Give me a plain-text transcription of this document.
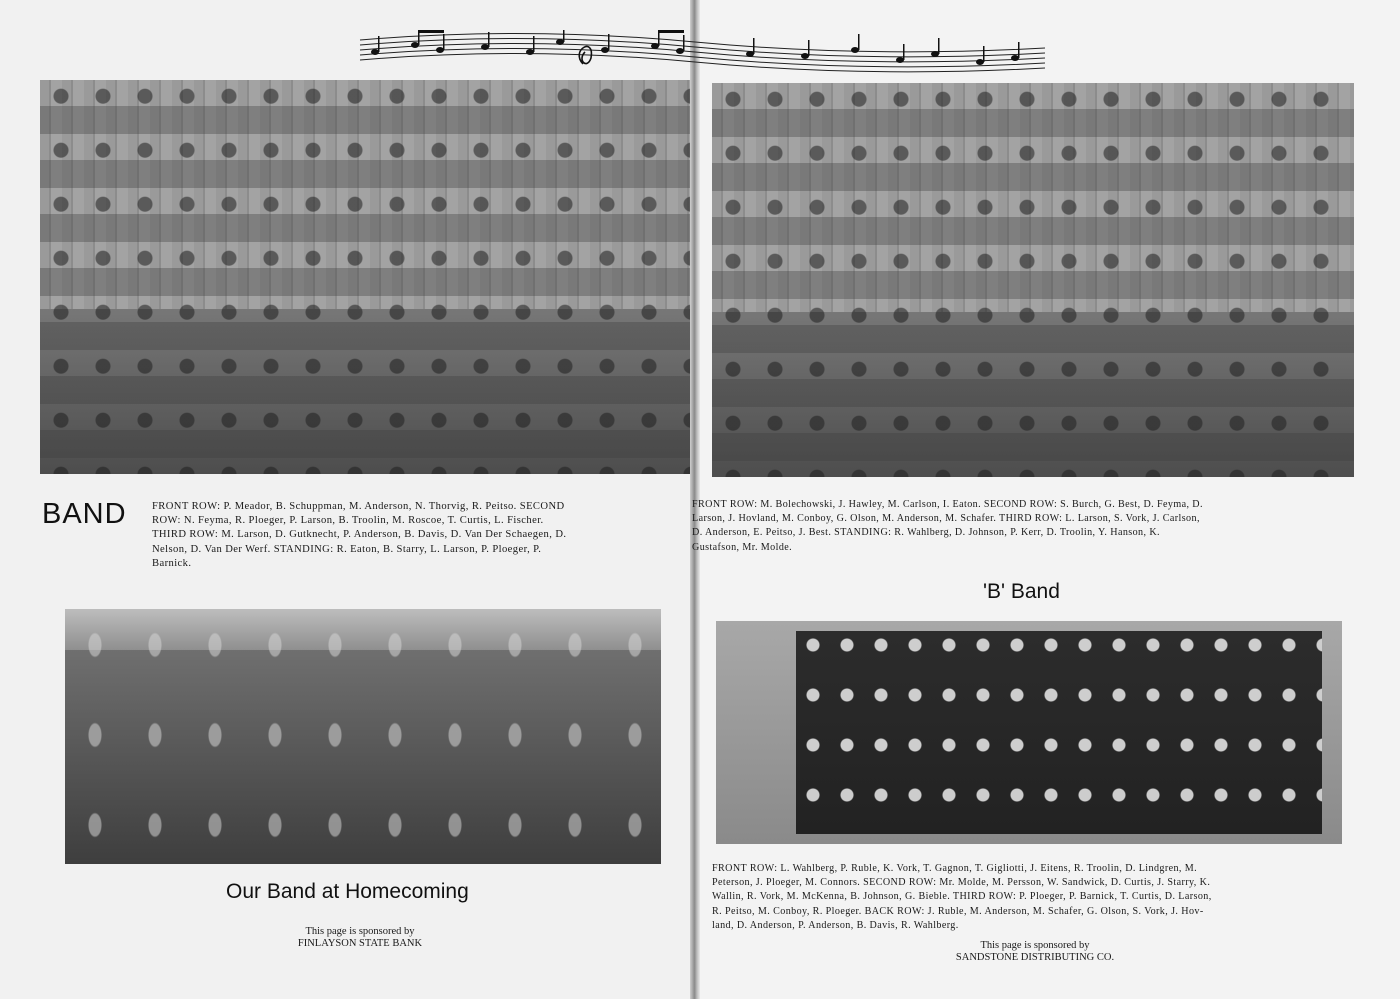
BAND FRONT ROW: P. Meador, B. Schuppman, M. Anderson, N. Thorvig, R. Peitso. SECOND
ROW: N. Feyma, R. Ploeger, P. Larson, B. Troolin, M. Roscoe, T. Curtis, L. Fischer.
THIRD ROW: M. Larson, D. Gutknecht, P. Anderson, B. Davis, D. Van Der Schaegen, D.
Nelson, D. Van Der Werf. STANDING: R. Eaton, B. Starry, L. Larson, P. Ploeger, P.
Barnick.
FRONT ROW: M. Bolechowski, J. Hawley, M. Carlson, I. Eaton. SECOND ROW: S. Burch, G. Best, D. Feyma, D.
Larson, J. Hovland, M. Conboy, G. Olson, M. Anderson, M. Schafer. THIRD ROW: L. Larson, S. Vork, J. Carlson,
D. Anderson, E. Peitso, J. Best. STANDING: R. Wahlberg, D. Johnson, P. Kerr, D. Troolin, Y. Hanson, K.
Gustafson, Mr. Molde.
Our Band at Homecoming
This page is sponsored by
FINLAYSON STATE BANK
'B' Band
FRONT ROW: L. Wahlberg, P. Ruble, K. Vork, T. Gagnon, T. Gigliotti, J. Eitens, R. Troolin, D. Lindgren, M.
Peterson, J. Ploeger, M. Connors. SECOND ROW: Mr. Molde, M. Persson, W. Sandwick, D. Curtis, J. Starry, K.
Wallin, R. Vork, M. McKenna, B. Johnson, G. Bieble. THIRD ROW: P. Ploeger, P. Barnick, T. Curtis, D. Larson,
R. Peitso, M. Conboy, R. Ploeger. BACK ROW: J. Ruble, M. Anderson, M. Schafer, G. Olson, S. Vork, J. Hov-
land, D. Anderson, P. Anderson, B. Davis, R. Wahlberg.
This page is sponsored by
SANDSTONE DISTRIBUTING CO.
